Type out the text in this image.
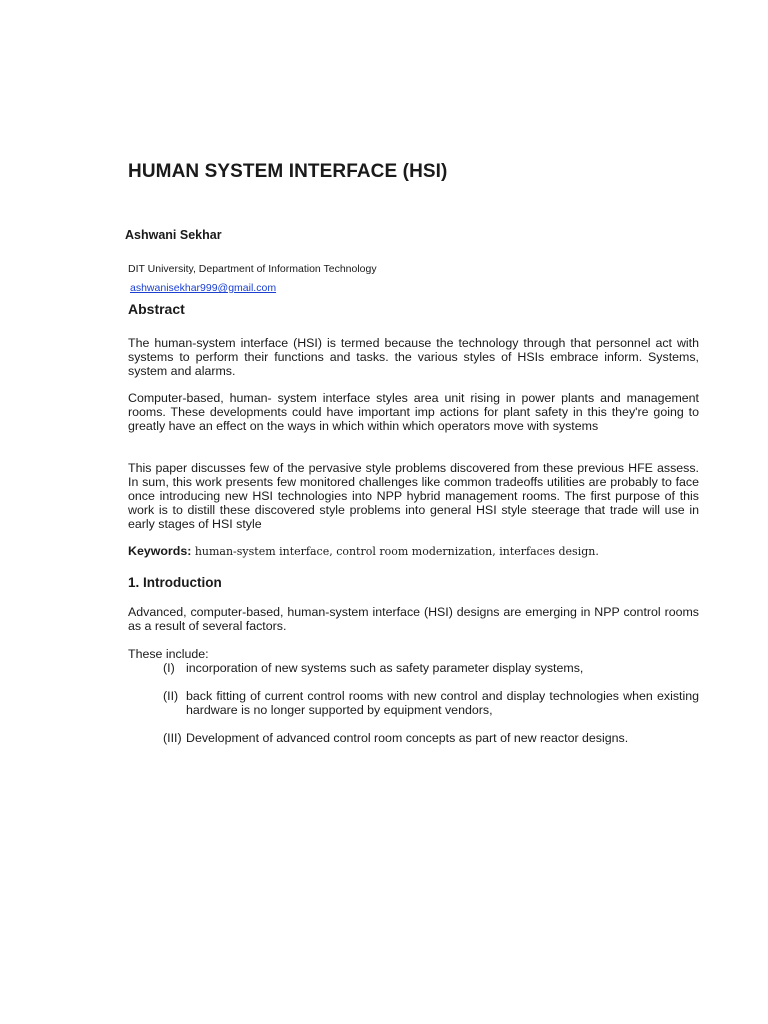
HUMAN SYSTEM INTERFACE (HSI)

Ashwani Sekhar

DIT University, Department of Information Technology

ashwanisekhar999@gmail.com
Abstract

The human-system interface (HSI) is termed because the technology through that personnel act with systems to perform their functions and tasks. the various styles of HSIs embrace inform. Systems, system and alarms.

Computer-based, human- system interface styles area unit rising in power plants and management rooms. These developments could have important imp actions for plant safety in this they're going to greatly have an effect on the ways in which within which operators move with systems

This paper discusses few of the pervasive style problems discovered from these previous HFE assess. In sum, this work presents few monitored challenges like common tradeoffs utilities are probably to face once introducing new HSI technologies into NPP hybrid management rooms. The first purpose of this work is to distill these discovered style problems into general HSI style steerage that trade will use in early stages of HSI style

Keywords: human-system interface, control room modernization, interfaces design.

1. Introduction

Advanced, computer-based, human-system interface (HSI) designs are emerging in NPP control rooms as a result of several factors.

These include:

(I) incorporation of new systems such as safety parameter display systems,
(II) back fitting of current control rooms with new control and display technologies when existing hardware is no longer supported by equipment vendors,
(III) Development of advanced control room concepts as part of new reactor designs.
